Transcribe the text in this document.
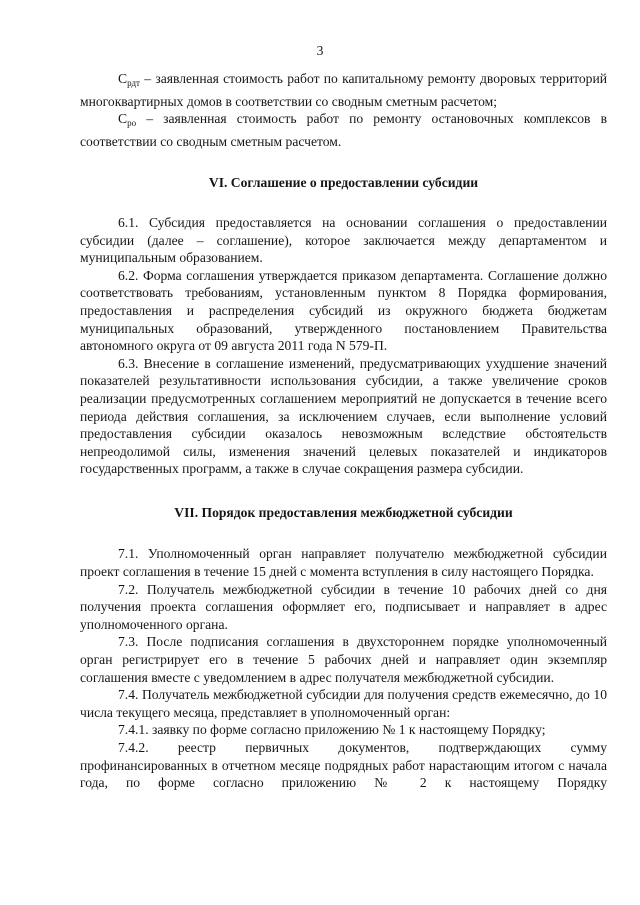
3

$С_{рдт}$ – заявленная стоимость работ по капитальному ремонту дворовых территорий многоквартирных домов в соответствии со сводным сметным расчетом;

$С_{ро}$ – заявленная стоимость работ по ремонту остановочных комплексов в соответствии со сводным сметным расчетом.

VI. Соглашение о предоставлении субсидии

6.1. Субсидия предоставляется на основании соглашения о предоставлении субсидии (далее – соглашение), которое заключается между департаментом и муниципальным образованием.

6.2. Форма соглашения утверждается приказом департамента. Соглашение должно соответствовать требованиям, установленным пунктом 8 Порядка формирования, предоставления и распределения субсидий из окружного бюджета бюджетам муниципальных образований, утвержденного постановлением Правительства автономного округа от 09 августа 2011 года N 579-П.

6.3. Внесение в соглашение изменений, предусматривающих ухудшение значений показателей результативности использования субсидии, а также увеличение сроков реализации предусмотренных соглашением мероприятий не допускается в течение всего периода действия соглашения, за исключением случаев, если выполнение условий предоставления субсидии оказалось невозможным вследствие обстоятельств непреодолимой силы, изменения значений целевых показателей и индикаторов государственных программ, а также в случае сокращения размера субсидии.

VII. Порядок предоставления межбюджетной субсидии

7.1. Уполномоченный орган направляет получателю межбюджетной субсидии проект соглашения в течение 15 дней с момента вступления в силу настоящего Порядка.

7.2. Получатель межбюджетной субсидии в течение 10 рабочих дней со дня получения проекта соглашения оформляет его, подписывает и направляет в адрес уполномоченного органа.

7.3. После подписания соглашения в двухстороннем порядке уполномоченный орган регистрирует его в течение 5 рабочих дней и направляет один экземпляр соглашения вместе с уведомлением в адрес получателя межбюджетной субсидии.

7.4. Получатель межбюджетной субсидии для получения средств ежемесячно, до 10 числа текущего месяца, представляет в уполномоченный орган:

7.4.1. заявку по форме согласно приложению № 1 к настоящему Порядку;

7.4.2. реестр первичных документов, подтверждающих сумму профинансированных в отчетном месяце подрядных работ нарастающим итогом с начала года, по форме согласно приложению № 2 к настоящему Порядку
